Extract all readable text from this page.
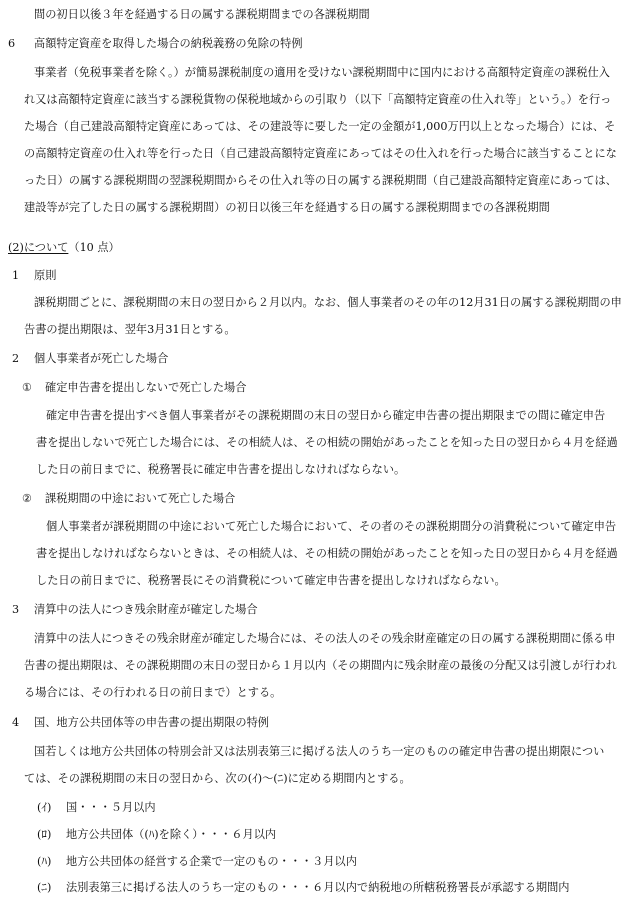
間の初日以後３年を経過する日の属する課税期間までの各課税期間
6 高額特定資産を取得した場合の納税義務の免除の特例
事業者（免税事業者を除く。）が簡易課税制度の適用を受けない課税期間中に国内における高額特定資産の課税仕入
れ又は高額特定資産に該当する課税貨物の保税地域からの引取り（以下「高額特定資産の仕入れ等」という。）を行っ
た場合（自己建設高額特定資産にあっては、その建設等に要した一定の金額が1,000万円以上となった場合）には、そ
の高額特定資産の仕入れ等を行った日（自己建設高額特定資産にあってはその仕入れを行った場合に該当することにな
った日）の属する課税期間の翌課税期間からその仕入れ等の日の属する課税期間（自己建設高額特定資産にあっては、
建設等が完了した日の属する課税期間）の初日以後三年を経過する日の属する課税期間までの各課税期間
(2)について（10 点）
1 原則
課税期間ごとに、課税期間の末日の翌日から２月以内。なお、個人事業者のその年の12月31日の属する課税期間の申
告書の提出期限は、翌年3月31日とする。
2 個人事業者が死亡した場合
① 確定申告書を提出しないで死亡した場合
確定申告書を提出すべき個人事業者がその課税期間の末日の翌日から確定申告書の提出期限までの間に確定申告
書を提出しないで死亡した場合には、その相続人は、その相続の開始があったことを知った日の翌日から４月を経過
した日の前日までに、税務署長に確定申告書を提出しなければならない。
② 課税期間の中途において死亡した場合
個人事業者が課税期間の中途において死亡した場合において、その者のその課税期間分の消費税について確定申告
書を提出しなければならないときは、その相続人は、その相続の開始があったことを知った日の翌日から４月を経過
した日の前日までに、税務署長にその消費税について確定申告書を提出しなければならない。
3 清算中の法人につき残余財産が確定した場合
清算中の法人につきその残余財産が確定した場合には、その法人のその残余財産確定の日の属する課税期間に係る申
告書の提出期限は、その課税期間の末日の翌日から１月以内（その期間内に残余財産の最後の分配又は引渡しが行われ
る場合には、その行われる日の前日まで）とする。
4 国、地方公共団体等の申告書の提出期限の特例
国若しくは地方公共団体の特別会計又は法別表第三に掲げる法人のうち一定のものの確定申告書の提出期限につい
ては、その課税期間の末日の翌日から、次の(ｲ)～(ﾆ)に定める期間内とする。
(ｲ) 国・・・５月以内
(ﾛ) 地方公共団体（(ﾊ)を除く）・・・６月以内
(ﾊ) 地方公共団体の経営する企業で一定のもの・・・３月以内
(ﾆ) 法別表第三に掲げる法人のうち一定のもの・・・６月以内で納税地の所轄税務署長が承認する期間内
